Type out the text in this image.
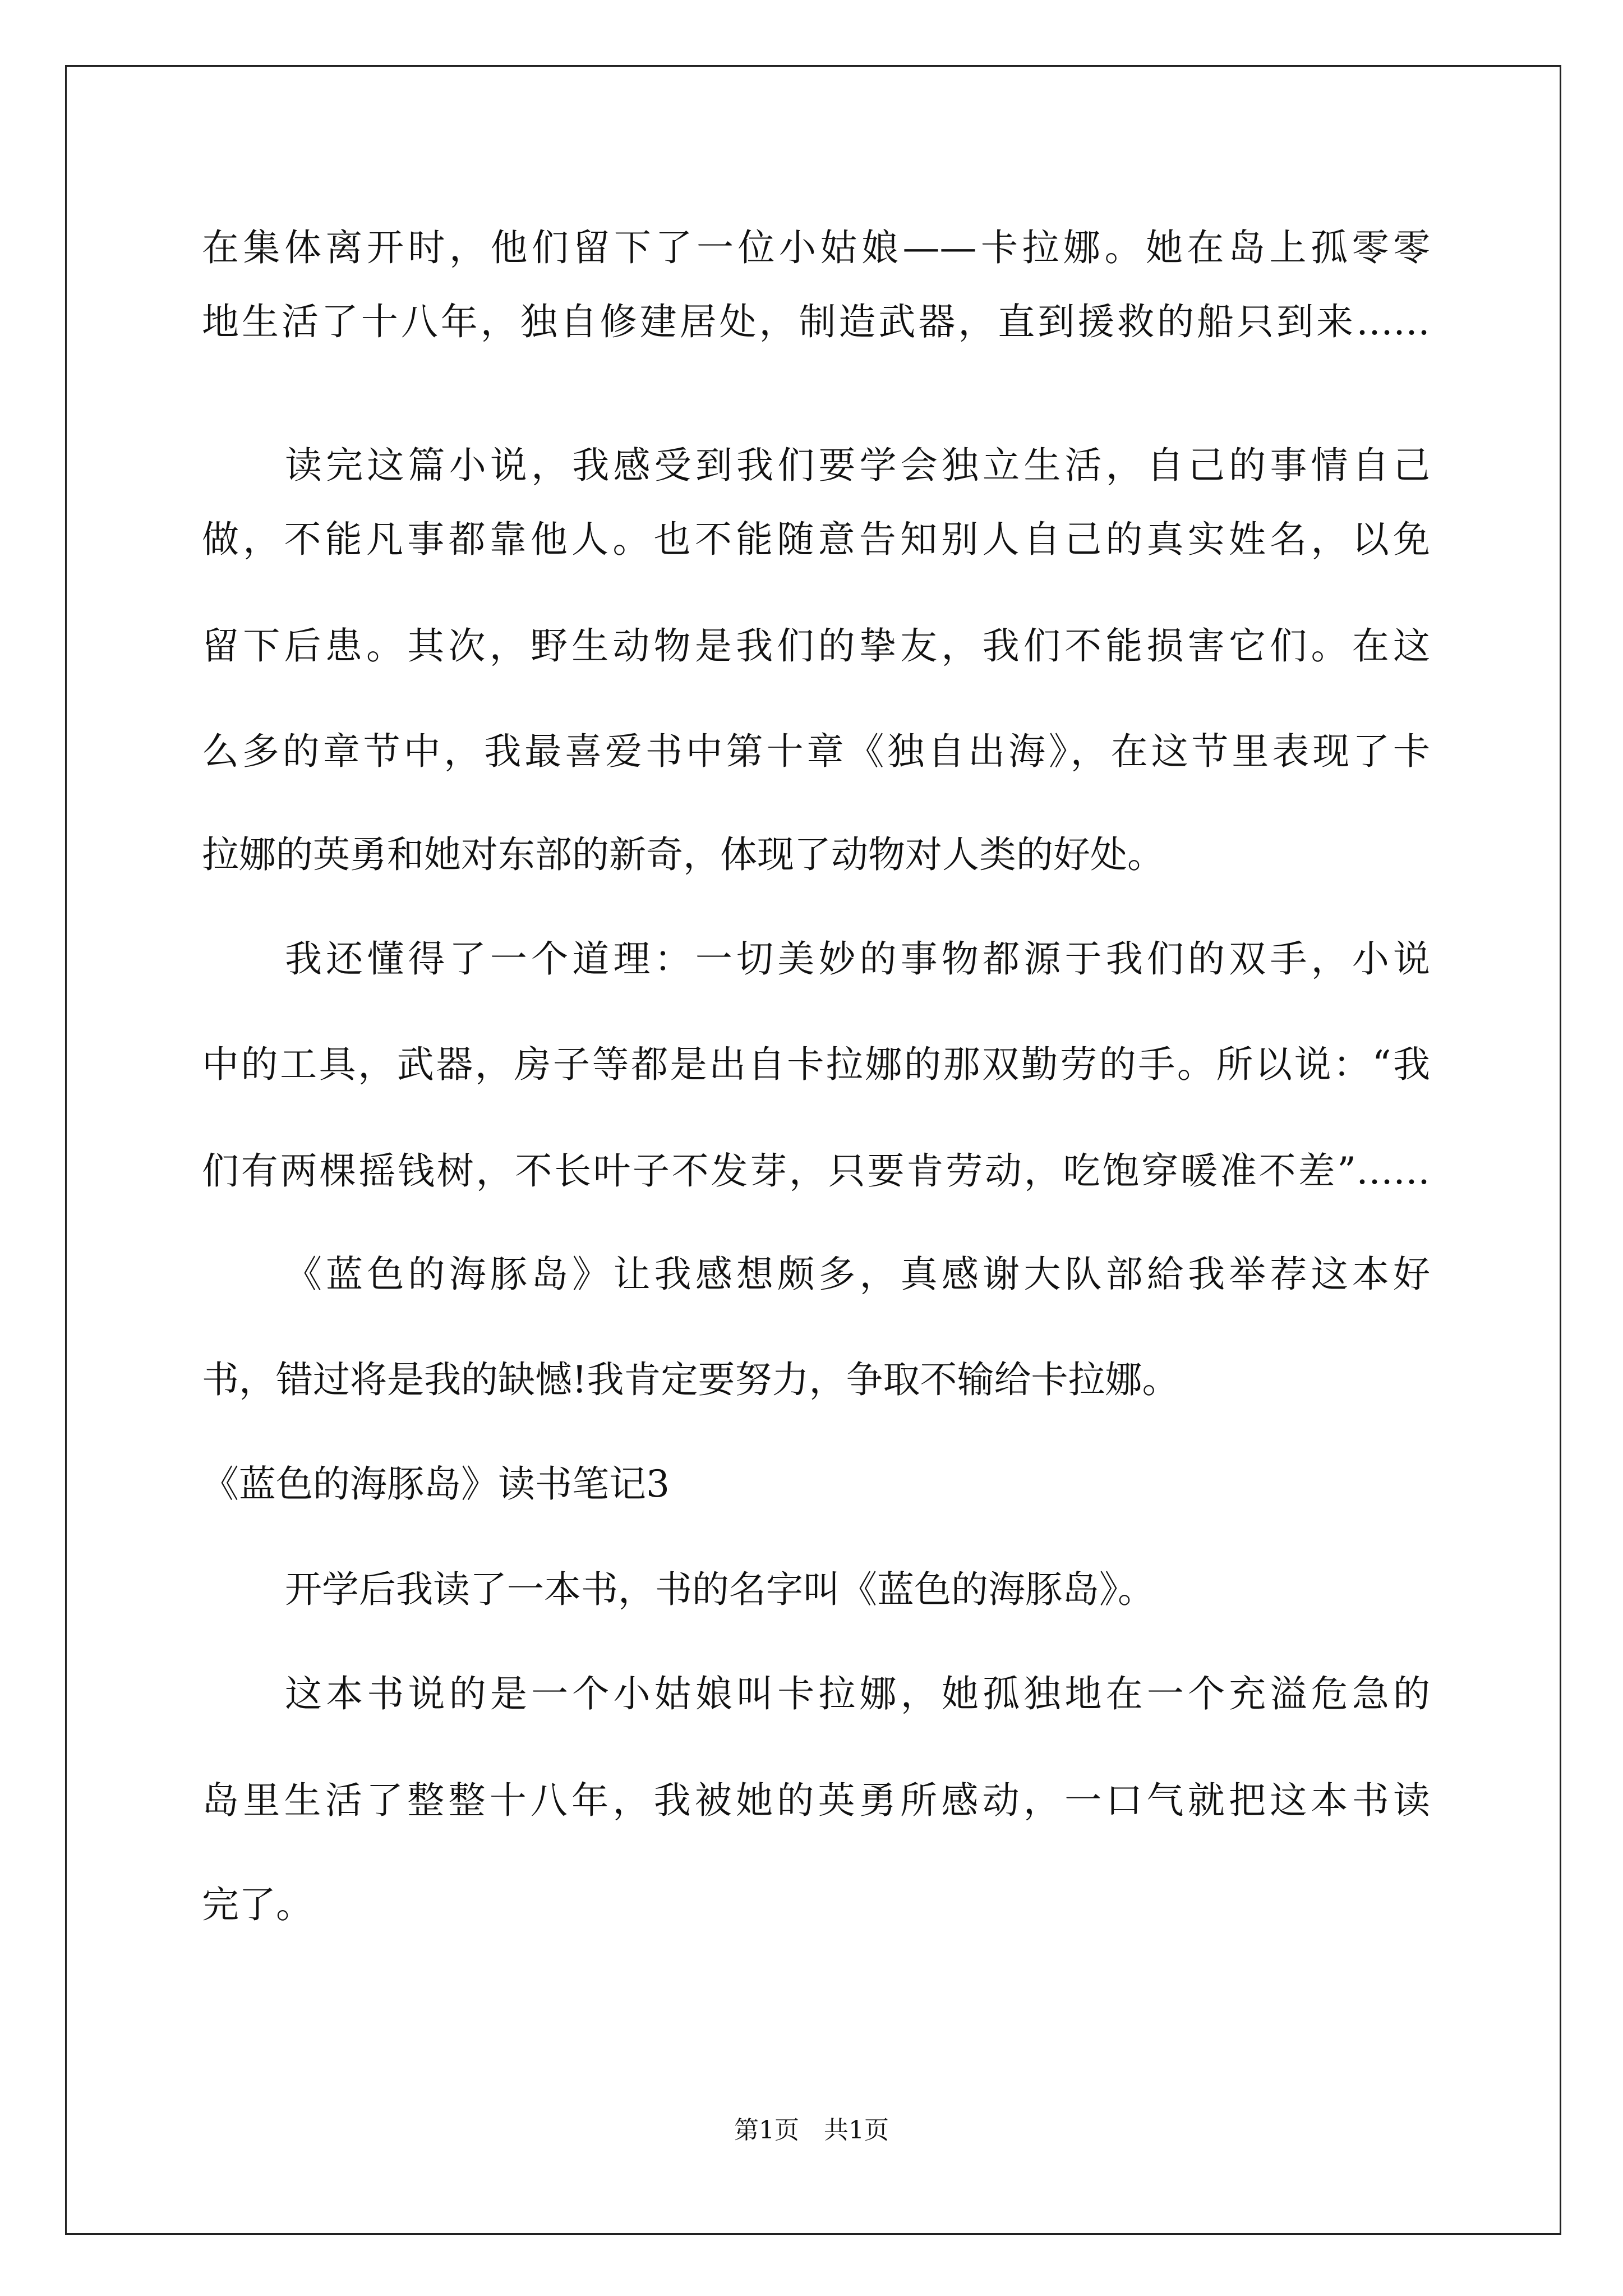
在集体离开时，他们留下了一位小姑娘——卡拉娜。她在岛上孤零零
地生活了十八年，独自修建居处，制造武器，直到援救的船只到来……
读完这篇小说，我感受到我们要学会独立生活，自己的事情自己
做，不能凡事都靠他人。也不能随意告知别人自己的真实姓名，以免
留下后患。其次，野生动物是我们的挚友，我们不能损害它们。在这
么多的章节中，我最喜爱书中第十章《独自出海》，在这节里表现了卡
拉娜的英勇和她对东部的新奇，体现了动物对人类的好处。
我还懂得了一个道理：一切美妙的事物都源于我们的双手，小说
中的工具，武器，房子等都是出自卡拉娜的那双勤劳的手。所以说：“我
们有两棵摇钱树，不长叶子不发芽，只要肯劳动，吃饱穿暖准不差”……
《蓝色的海豚岛》让我感想颇多，真感谢大队部給我举荐这本好
书，错过将是我的缺憾!我肯定要努力，争取不输给卡拉娜。
《蓝色的海豚岛》读书笔记3
开学后我读了一本书，书的名字叫《蓝色的海豚岛》。
这本书说的是一个小姑娘叫卡拉娜，她孤独地在一个充溢危急的
岛里生活了整整十八年，我被她的英勇所感动，一口气就把这本书读
完了。
第1页　共1页
